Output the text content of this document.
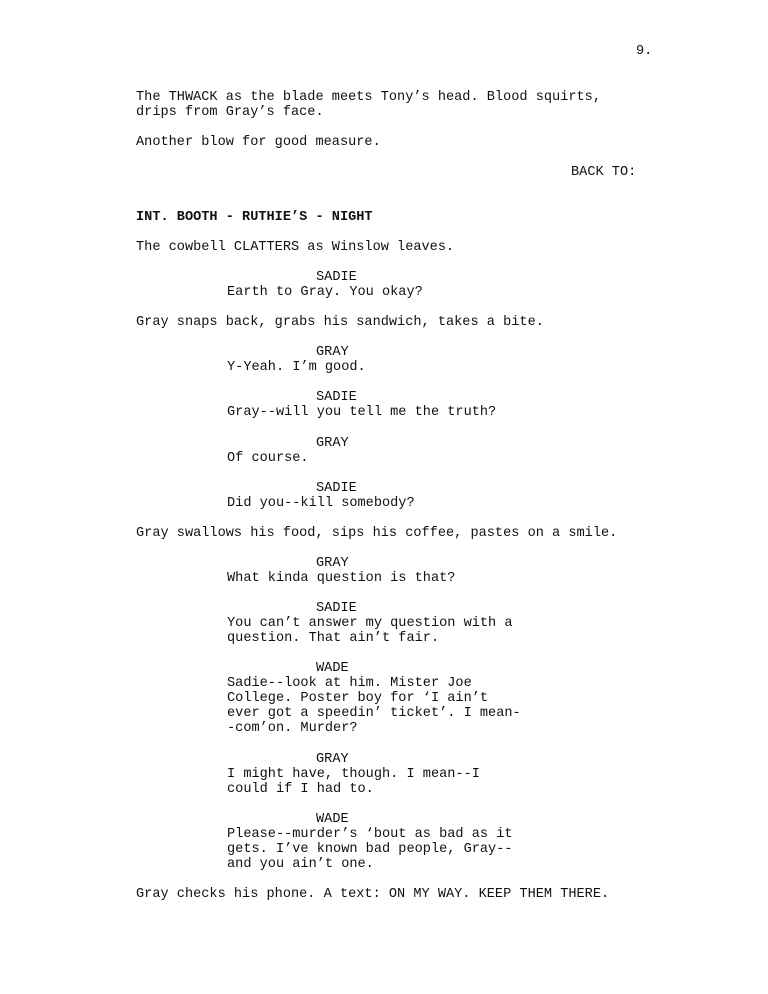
9.
The THWACK as the blade meets Tony’s head. Blood squirts,
drips from Gray’s face.
Another blow for good measure.
BACK TO:
INT. BOOTH - RUTHIE’S - NIGHT
The cowbell CLATTERS as Winslow leaves.
SADIE
Earth to Gray. You okay?
Gray snaps back, grabs his sandwich, takes a bite.
GRAY
Y-Yeah. I’m good.
SADIE
Gray--will you tell me the truth?
GRAY
Of course.
SADIE
Did you--kill somebody?
Gray swallows his food, sips his coffee, pastes on a smile.
GRAY
What kinda question is that?
SADIE
You can’t answer my question with a
question. That ain’t fair.
WADE
Sadie--look at him. Mister Joe
College. Poster boy for ‘I ain’t
ever got a speedin’ ticket’. I mean-
-com’on. Murder?
GRAY
I might have, though. I mean--I
could if I had to.
WADE
Please--murder’s ‘bout as bad as it
gets. I’ve known bad people, Gray--
and you ain’t one.
Gray checks his phone. A text: ON MY WAY. KEEP THEM THERE.
